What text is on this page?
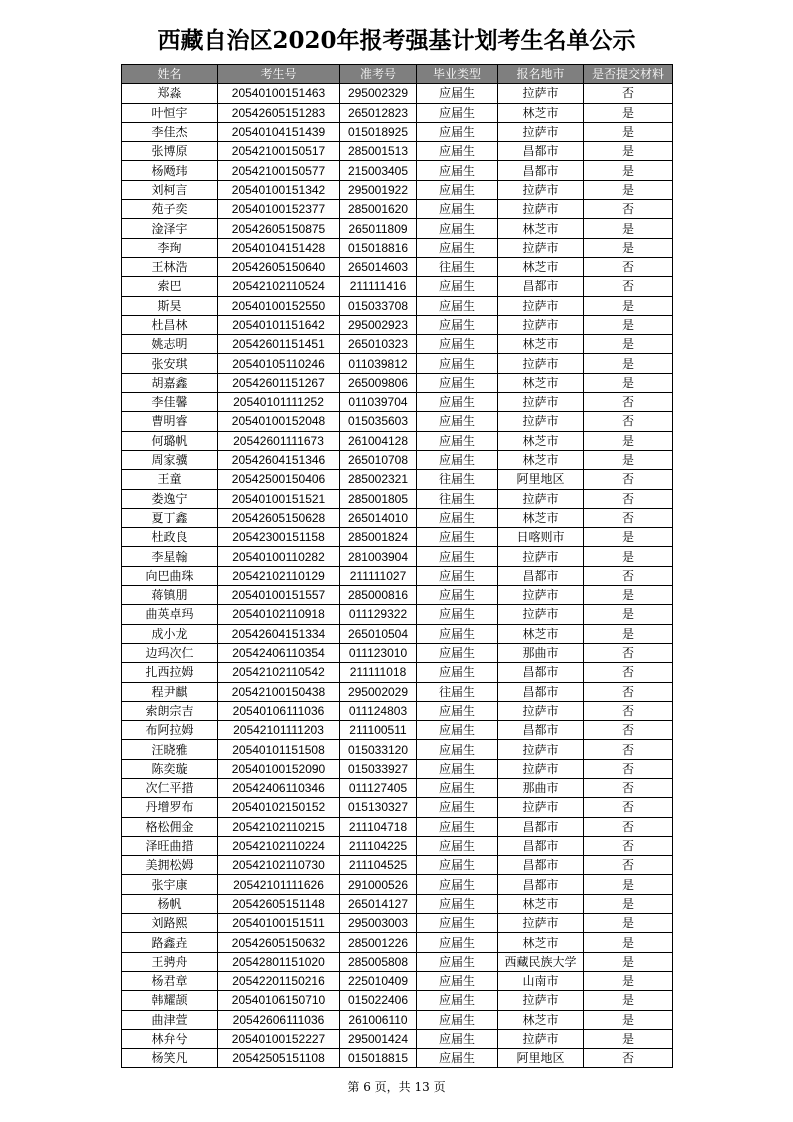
西藏自治区2020年报考强基计划考生名单公示
姓名	考生号	准考号	毕业类型	报名地市	是否提交材料
郑淼	20540100151463	295002329	应届生	拉萨市	否
叶恒宇	20542605151283	265012823	应届生	林芝市	是
李佳杰	20540104151439	015018925	应届生	拉萨市	是
张博原	20542100150517	285001513	应届生	昌都市	是
杨飏玮	20542100150577	215003405	应届生	昌都市	是
刘柯言	20540100151342	295001922	应届生	拉萨市	是
苑子奕	20540100152377	285001620	应届生	拉萨市	否
淦泽宇	20542605150875	265011809	应届生	林芝市	是
李珣	20540104151428	015018816	应届生	拉萨市	是
王林浩	20542605150640	265014603	往届生	林芝市	否
索巴	20542102110524	211111416	应届生	昌都市	否
斯昊	20540100152550	015033708	应届生	拉萨市	是
杜昌林	20540101151642	295002923	应届生	拉萨市	是
姚志明	20542601151451	265010323	应届生	林芝市	是
张安琪	20540105110246	011039812	应届生	拉萨市	是
胡嘉鑫	20542601151267	265009806	应届生	林芝市	是
李佳馨	20540101111252	011039704	应届生	拉萨市	否
曹明睿	20540100152048	015035603	应届生	拉萨市	否
何璐帆	20542601111673	261004128	应届生	林芝市	是
周家骥	20542604151346	265010708	应届生	林芝市	是
王童	20542500150406	285002321	往届生	阿里地区	否
娄逸宁	20540100151521	285001805	往届生	拉萨市	否
夏丁鑫	20542605150628	265014010	应届生	林芝市	否
杜政良	20542300151158	285001824	应届生	日喀则市	是
李星翰	20540100110282	281003904	应届生	拉萨市	是
向巴曲珠	20542102110129	211111027	应届生	昌都市	否
蒋镇朋	20540100151557	285000816	应届生	拉萨市	是
曲英卓玛	20540102110918	011129322	应届生	拉萨市	是
成小龙	20542604151334	265010504	应届生	林芝市	是
边玛次仁	20542406110354	011123010	应届生	那曲市	否
扎西拉姆	20542102110542	211111018	应届生	昌都市	否
程尹麒	20542100150438	295002029	往届生	昌都市	否
索朗宗吉	20540106111036	011124803	应届生	拉萨市	否
布阿拉姆	20542101111203	211100511	应届生	昌都市	否
汪晓雅	20540101151508	015033120	应届生	拉萨市	否
陈奕璇	20540100152090	015033927	应届生	拉萨市	否
次仁平措	20542406110346	011127405	应届生	那曲市	否
丹增罗布	20540102150152	015130327	应届生	拉萨市	否
格松佣金	20542102110215	211104718	应届生	昌都市	否
泽旺曲措	20542102110224	211104225	应届生	昌都市	否
美拥松姆	20542102110730	211104525	应届生	昌都市	否
张宇康	20542101111626	291000526	应届生	昌都市	是
杨帆	20542605151148	265014127	应届生	林芝市	是
刘路熙	20540100151511	295003003	应届生	拉萨市	是
路鑫垚	20542605150632	285001226	应届生	林芝市	是
王骋舟	20542801151020	285005808	应届生	西藏民族大学	是
杨君章	20542201150216	225010409	应届生	山南市	是
韩耀颉	20540106150710	015022406	应届生	拉萨市	是
曲津萱	20542606111036	261006110	应届生	林芝市	是
林弁兮	20540100152227	295001424	应届生	拉萨市	是
杨笑凡	20542505151108	015018815	应届生	阿里地区	否
第 6 页，共 13 页
